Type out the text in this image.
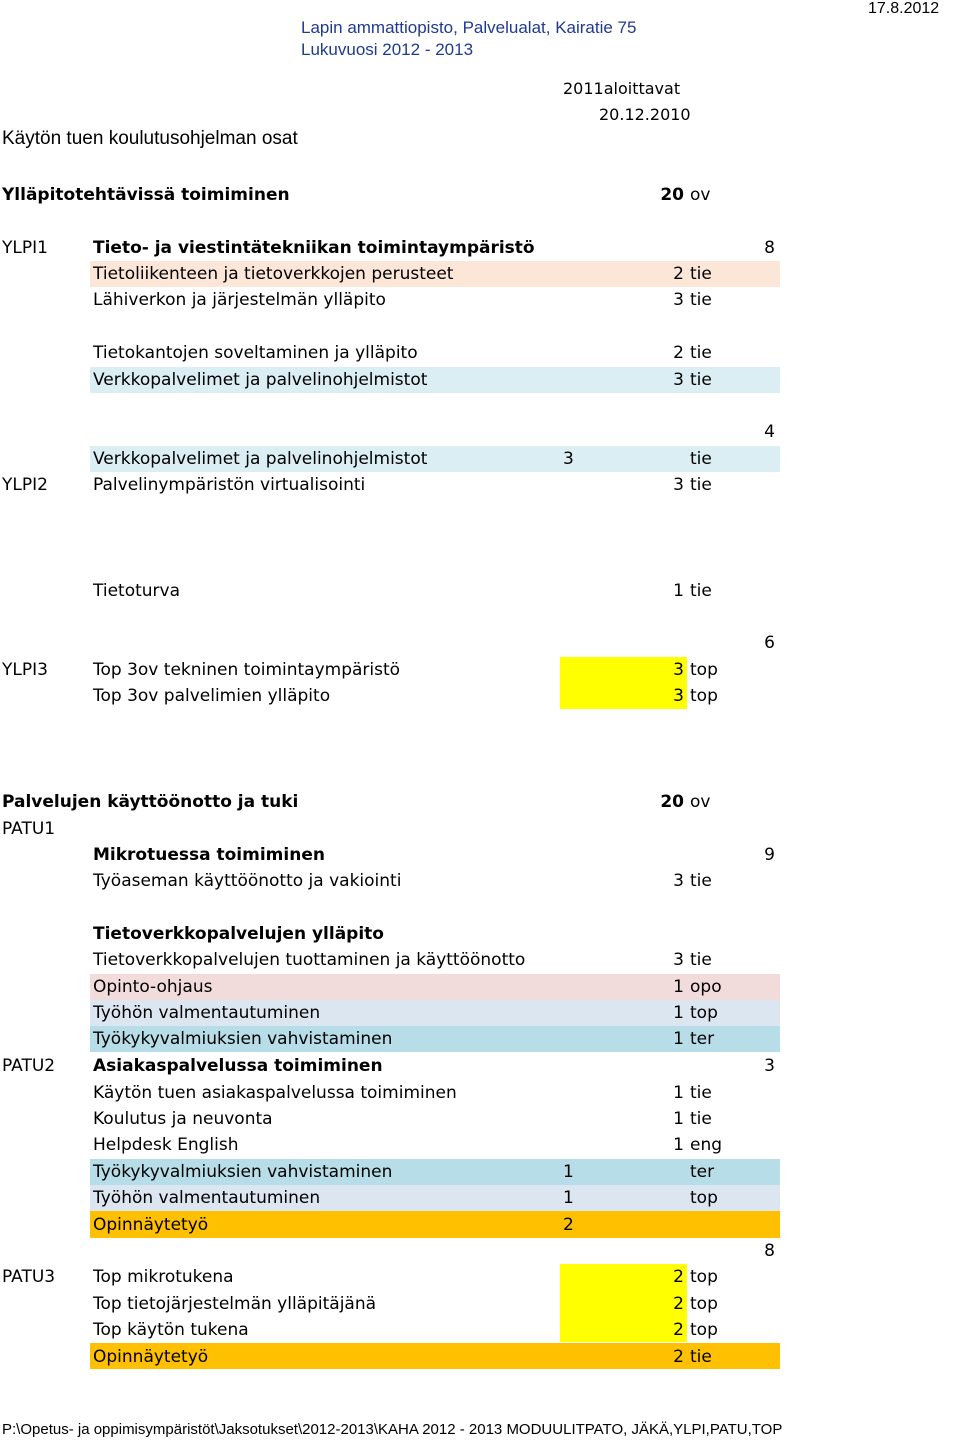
Lapin ammattiopisto, Palvelualat, Kairatie 75
Lukuvuosi 2012 - 2013
17.8.2012
2011aloittavat
20.12.2010
Käytön tuen koulutusohjelman osat
Ylläpitotehtävissä toimiminen	20 ov
YLPI1	Tieto- ja viestintätekniikan toimintaympäristö	8
Tietoliikenteen ja tietoverkkojen perusteet	2 tie
Lähiverkon ja järjestelmän ylläpito	3 tie
Tietokantojen soveltaminen ja ylläpito	2 tie
Verkkopalvelimet ja palvelinohjelmistot	3 tie
4
Verkkopalvelimet ja palvelinohjelmistot	3	tie
YLPI2	Palvelinympäristön virtualisointi	3 tie
Tietoturva	1 tie
6
YLPI3	Top 3ov tekninen toimintaympäristö	3 top
Top 3ov palvelimien ylläpito	3 top
Palvelujen käyttöönotto ja tuki	20 ov
PATU1
Mikrotuessa toimiminen	9
Työaseman käyttöönotto ja vakiointi	3 tie
Tietoverkkopalvelujen ylläpito
Tietoverkkopalvelujen tuottaminen ja käyttöönotto	3 tie
Opinto-ohjaus	1 opo
Työhön valmentautuminen	1 top
Työkykyvalmiuksien vahvistaminen	1 ter
PATU2 Asiakaspalvelussa toimiminen	3
Käytön tuen asiakaspalvelussa toimiminen	1 tie
Koulutus ja neuvonta	1 tie
Helpdesk English	1 eng
Työkykyvalmiuksien vahvistaminen	1	ter
Työhön valmentautuminen	1	top
Opinnäytetyö	2
8
PATU3 Top mikrotukena	2 top
Top tietojärjestelmän ylläpitäjänä	2 top
Top käytön tukena	2 top
Opinnäytetyö	2 tie
P:\Opetus- ja oppimisympäristöt\Jaksotukset\2012-2013\KAHA 2012 - 2013 MODUULITPATO, JÄKÄ,YLPI,PATU,TOP
